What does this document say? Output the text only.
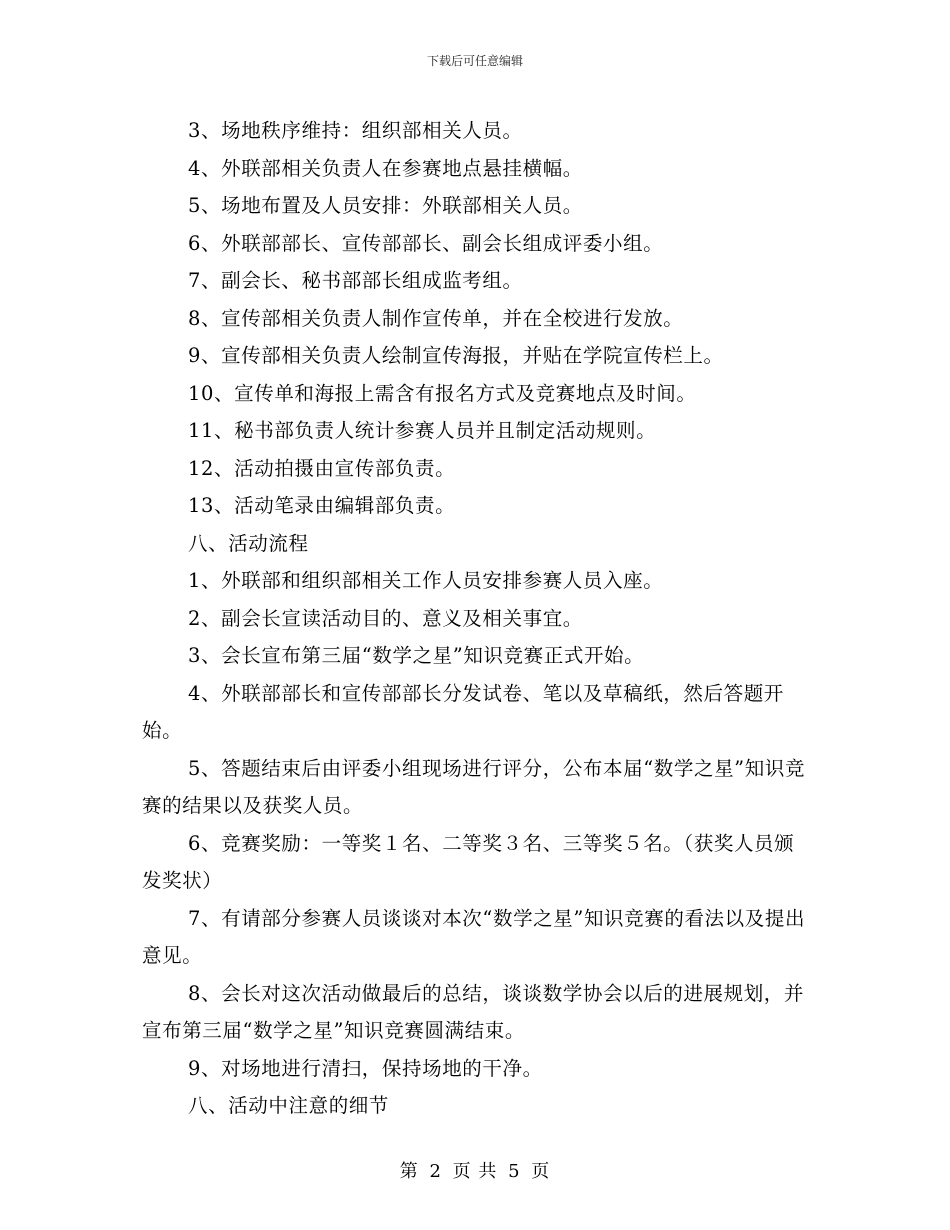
下载后可任意编辑

3、场地秩序维持：组织部相关人员。

4、外联部相关负责人在参赛地点悬挂横幅。

5、场地布置及人员安排：外联部相关人员。

6、外联部部长、宣传部部长、副会长组成评委小组。

7、副会长、秘书部部长组成监考组。

8、宣传部相关负责人制作宣传单，并在全校进行发放。

9、宣传部相关负责人绘制宣传海报，并贴在学院宣传栏上。

10、宣传单和海报上需含有报名方式及竞赛地点及时间。

11、秘书部负责人统计参赛人员并且制定活动规则。

12、活动拍摄由宣传部负责。

13、活动笔录由编辑部负责。

八、活动流程

1、外联部和组织部相关工作人员安排参赛人员入座。

2、副会长宣读活动目的、意义及相关事宜。

3、会长宣布第三届“数学之星”知识竞赛正式开始。

4、外联部部长和宣传部部长分发试卷、笔以及草稿纸，然后答题开始。

5、答题结束后由评委小组现场进行评分，公布本届“数学之星”知识竞赛的结果以及获奖人员。

6、竞赛奖励：一等奖１名、二等奖３名、三等奖５名。（获奖人员颁发奖状）

7、有请部分参赛人员谈谈对本次“数学之星”知识竞赛的看法以及提出意见。

8、会长对这次活动做最后的总结，谈谈数学协会以后的进展规划，并宣布第三届“数学之星”知识竞赛圆满结束。

9、对场地进行清扫，保持场地的干净。

八、活动中注意的细节

第 2 页 共 5 页
